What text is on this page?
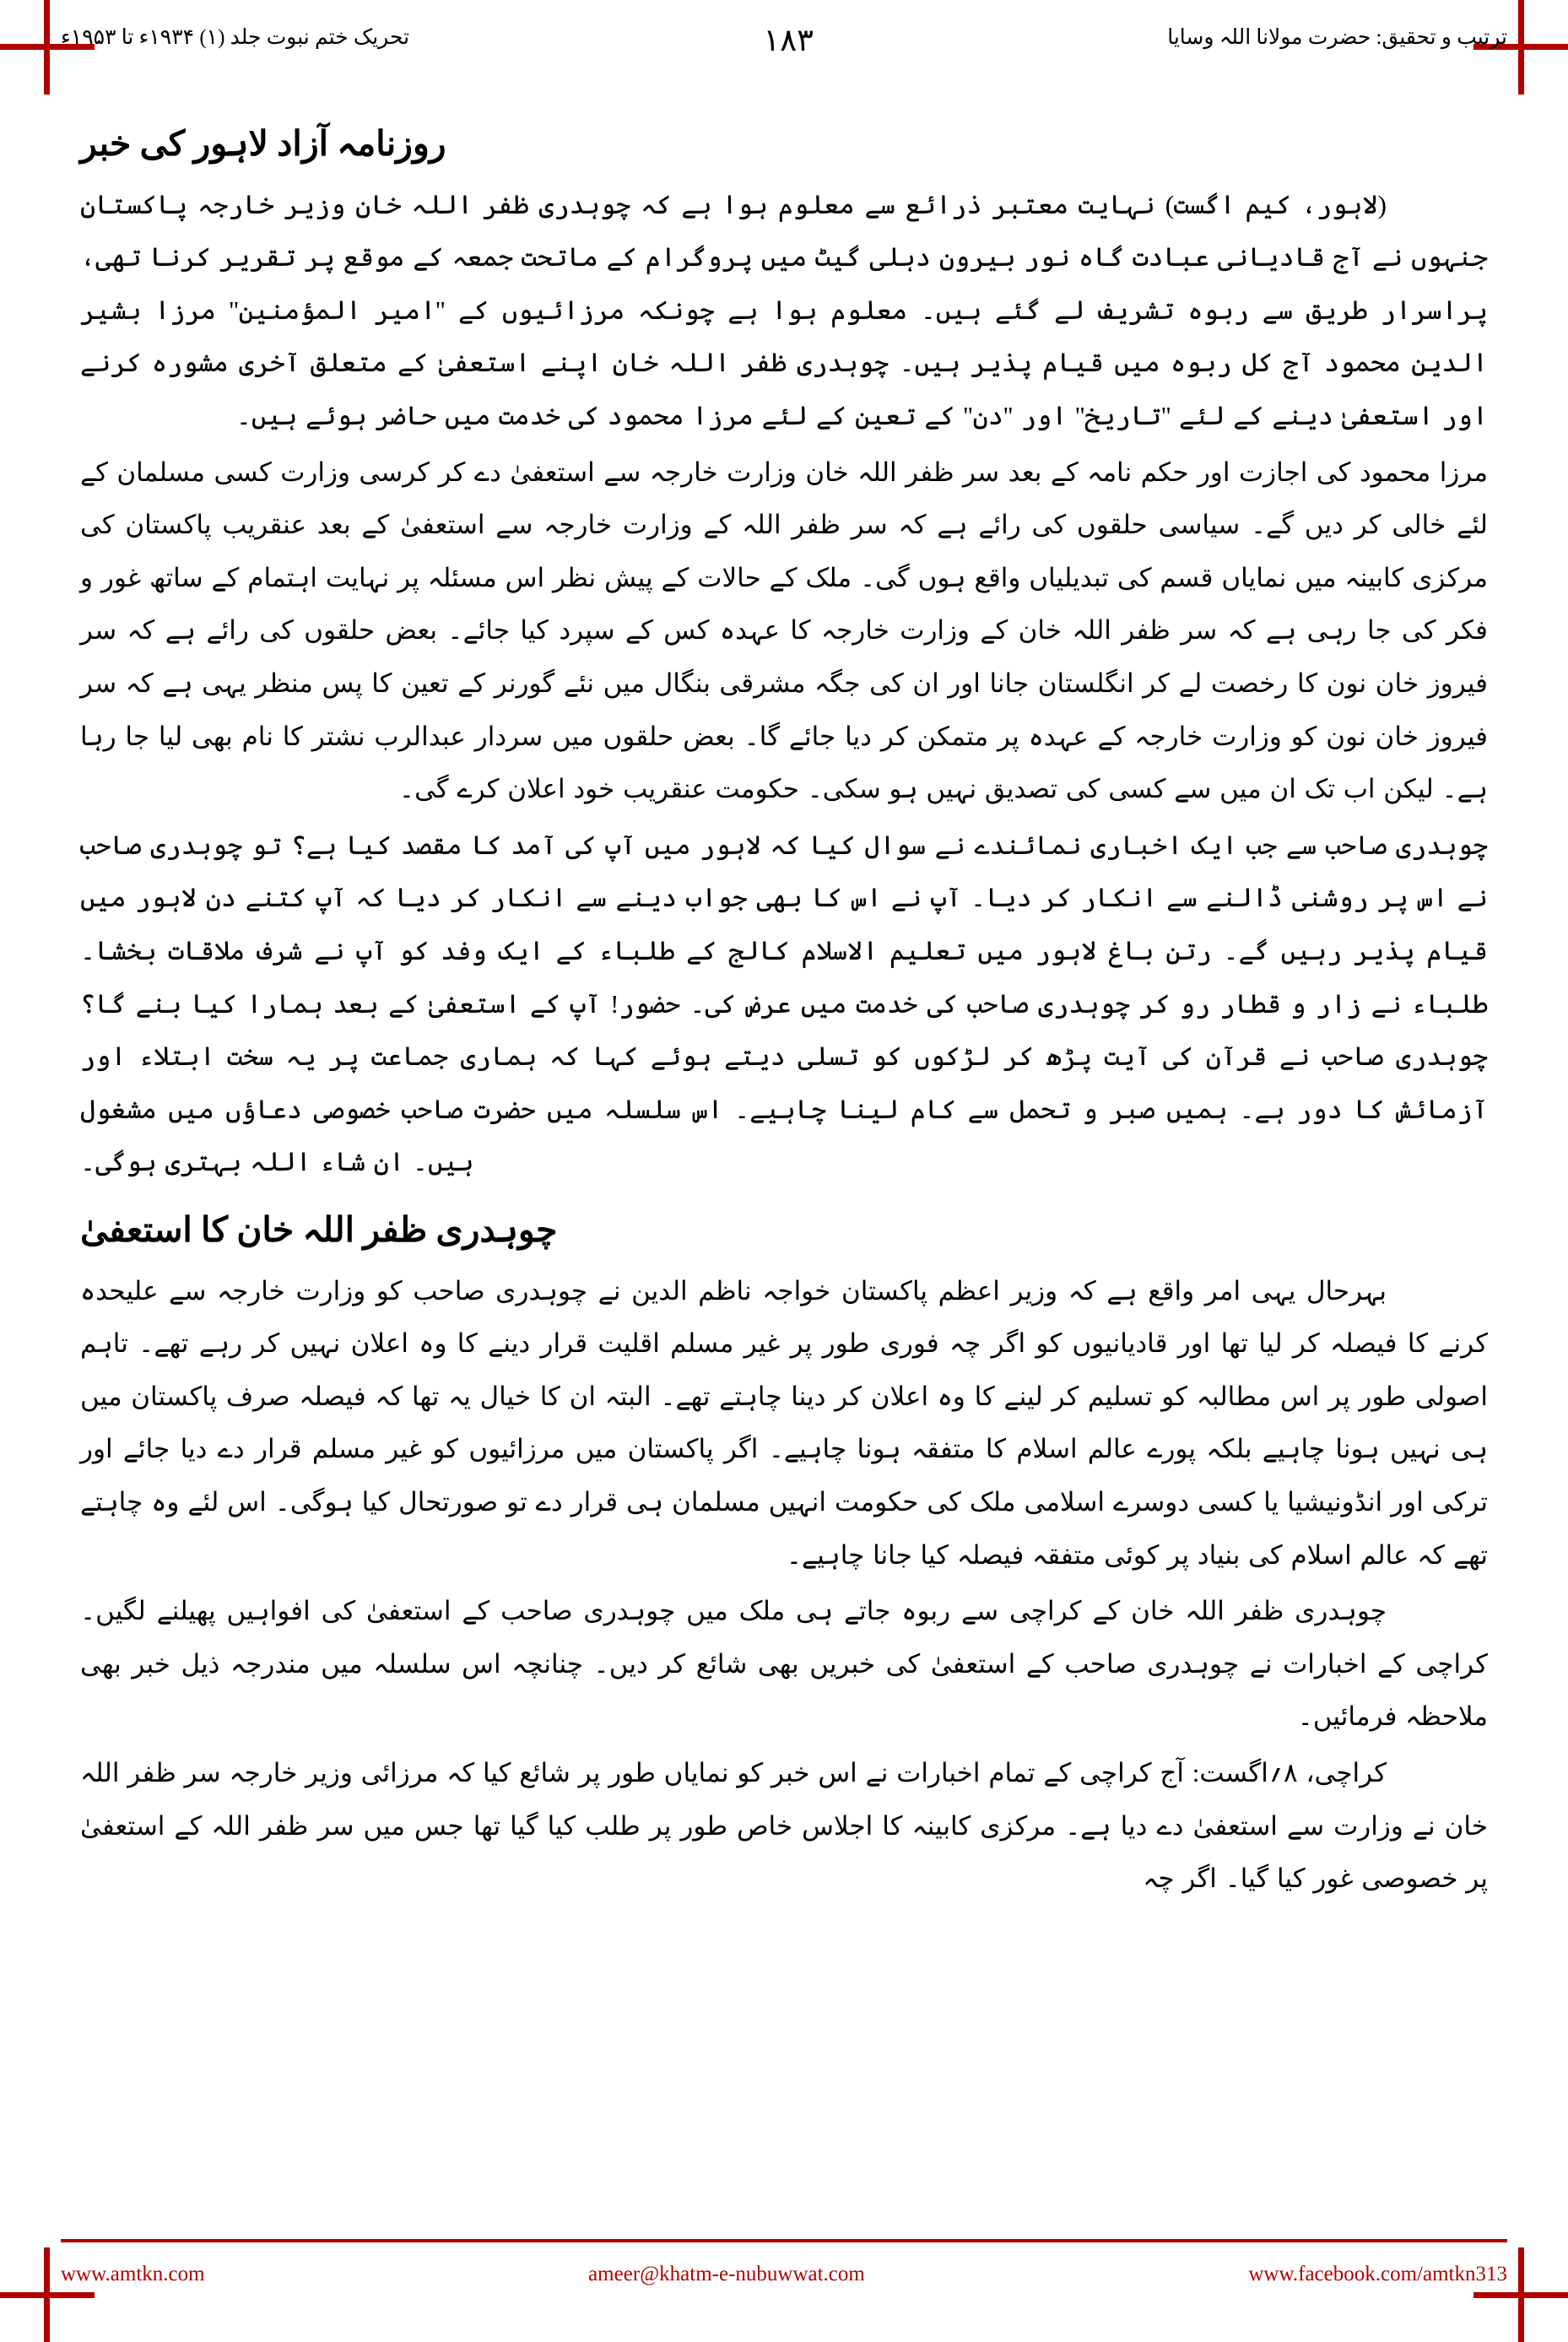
تحریک ختم نبوت جلد (۱) ۱۹۳۴ء تا ۱۹۵۳ء	۱۸۳	ترتیب و تحقیق: حضرت مولانا اللہ وسایا
روزنامہ آزاد لاہور کی خبر

(لاہور، کیم اگست) نہایت معتبر ذرائع سے معلوم ہوا ہے کہ چوہدری ظفر اللہ خان وزیر خارجہ پاکستان جنہوں نے آج قادیانی عبادت گاہ نور بیرون دہلی گیٹ میں پروگرام کے ماتحت جمعہ کے موقع پر تقریر کرنا تھی، پراسرار طریق سے ربوہ تشریف لے گئے ہیں۔ معلوم ہوا ہے چونکہ مرزائیوں کے ''امیر المؤمنین'' مرزا بشیر الدین محمود آج کل ربوہ میں قیام پذیر ہیں۔ چوہدری ظفر اللہ خان اپنے استعفیٰ کے متعلق آخری مشورہ کرنے اور استعفیٰ دینے کے لئے ''تاریخ'' اور ''دن'' کے تعین کے لئے مرزا محمود کی خدمت میں حاضر ہوئے ہیں۔

مرزا محمود کی اجازت اور حکم نامہ کے بعد سر ظفر اللہ خان وزارت خارجہ سے استعفیٰ دے کر کرسی وزارت کسی مسلمان کے لئے خالی کر دیں گے۔ سیاسی حلقوں کی رائے ہے کہ سر ظفر اللہ کے وزارت خارجہ سے استعفیٰ کے بعد عنقریب پاکستان کی مرکزی کابینہ میں نمایاں قسم کی تبدیلیاں واقع ہوں گی۔ ملک کے حالات کے پیش نظر اس مسئلہ پر نہایت اہتمام کے ساتھ غور و فکر کی جا رہی ہے کہ سر ظفر اللہ خان کے وزارت خارجہ کا عہدہ کس کے سپرد کیا جائے۔ بعض حلقوں کی رائے ہے کہ سر فیروز خان نون کا رخصت لے کر انگلستان جانا اور ان کی جگہ مشرقی بنگال میں نئے گورنر کے تعین کا پس منظر یہی ہے کہ سر فیروز خان نون کو وزارت خارجہ کے عہدہ پر متمکن کر دیا جائے گا۔ بعض حلقوں میں سردار عبدالرب نشتر کا نام بھی لیا جا رہا ہے۔ لیکن اب تک ان میں سے کسی کی تصدیق نہیں ہو سکی۔ حکومت عنقریب خود اعلان کرے گی۔

چوہدری صاحب سے جب ایک اخباری نمائندے نے سوال کیا کہ لاہور میں آپ کی آمد کا مقصد کیا ہے؟ تو چوہدری صاحب نے اس پر روشنی ڈالنے سے انکار کر دیا۔ آپ نے اس کا بھی جواب دینے سے انکار کر دیا کہ آپ کتنے دن لاہور میں قیام پذیر رہیں گے۔ رتن باغ لاہور میں تعلیم الاسلام کالج کے طلباء کے ایک وفد کو آپ نے شرف ملاقات بخشا۔ طلباء نے زار و قطار رو کر چوہدری صاحب کی خدمت میں عرض کی۔ حضور! آپ کے استعفیٰ کے بعد ہمارا کیا بنے گا؟ چوہدری صاحب نے قرآن کی آیت پڑھ کر لڑکوں کو تسلی دیتے ہوئے کہا کہ ہماری جماعت پر یہ سخت ابتلاء اور آزمائش کا دور ہے۔ ہمیں صبر و تحمل سے کام لینا چاہیے۔ اس سلسلہ میں حضرت صاحب خصوصی دعاؤں میں مشغول ہیں۔ ان شاء اللہ بہتری ہوگی۔

چوہدری ظفر اللہ خان کا استعفیٰ

بہرحال یہی امر واقع ہے کہ وزیر اعظم پاکستان خواجہ ناظم الدین نے چوہدری صاحب کو وزارت خارجہ سے علیحدہ کرنے کا فیصلہ کر لیا تھا اور قادیانیوں کو اگر چہ فوری طور پر غیر مسلم اقلیت قرار دینے کا وہ اعلان نہیں کر رہے تھے۔ تاہم اصولی طور پر اس مطالبہ کو تسلیم کر لینے کا وہ اعلان کر دینا چاہتے تھے۔ البتہ ان کا خیال یہ تھا کہ فیصلہ صرف پاکستان میں ہی نہیں ہونا چاہیے بلکہ پورے عالم اسلام کا متفقہ ہونا چاہیے۔ اگر پاکستان میں مرزائیوں کو غیر مسلم قرار دے دیا جائے اور ترکی اور انڈونیشیا یا کسی دوسرے اسلامی ملک کی حکومت انہیں مسلمان ہی قرار دے تو صورتحال کیا ہوگی۔ اس لئے وہ چاہتے تھے کہ عالم اسلام کی بنیاد پر کوئی متفقہ فیصلہ کیا جانا چاہیے۔

چوہدری ظفر اللہ خان کے کراچی سے ربوہ جاتے ہی ملک میں چوہدری صاحب کے استعفیٰ کی افواہیں پھیلنے لگیں۔ کراچی کے اخبارات نے چوہدری صاحب کے استعفیٰ کی خبریں بھی شائع کر دیں۔ چنانچہ اس سلسلہ میں مندرجہ ذیل خبر بھی ملاحظہ فرمائیں۔

کراچی، ۸؍اگست: آج کراچی کے تمام اخبارات نے اس خبر کو نمایاں طور پر شائع کیا کہ مرزائی وزیر خارجہ سر ظفر اللہ خان نے وزارت سے استعفیٰ دے دیا ہے۔ مرکزی کابینہ کا اجلاس خاص طور پر طلب کیا گیا تھا جس میں سر ظفر اللہ کے استعفیٰ پر خصوصی غور کیا گیا۔ اگر چہ

www.amtkn.com	ameer@khatm-e-nubuwwat.com	www.facebook.com/amtkn313
